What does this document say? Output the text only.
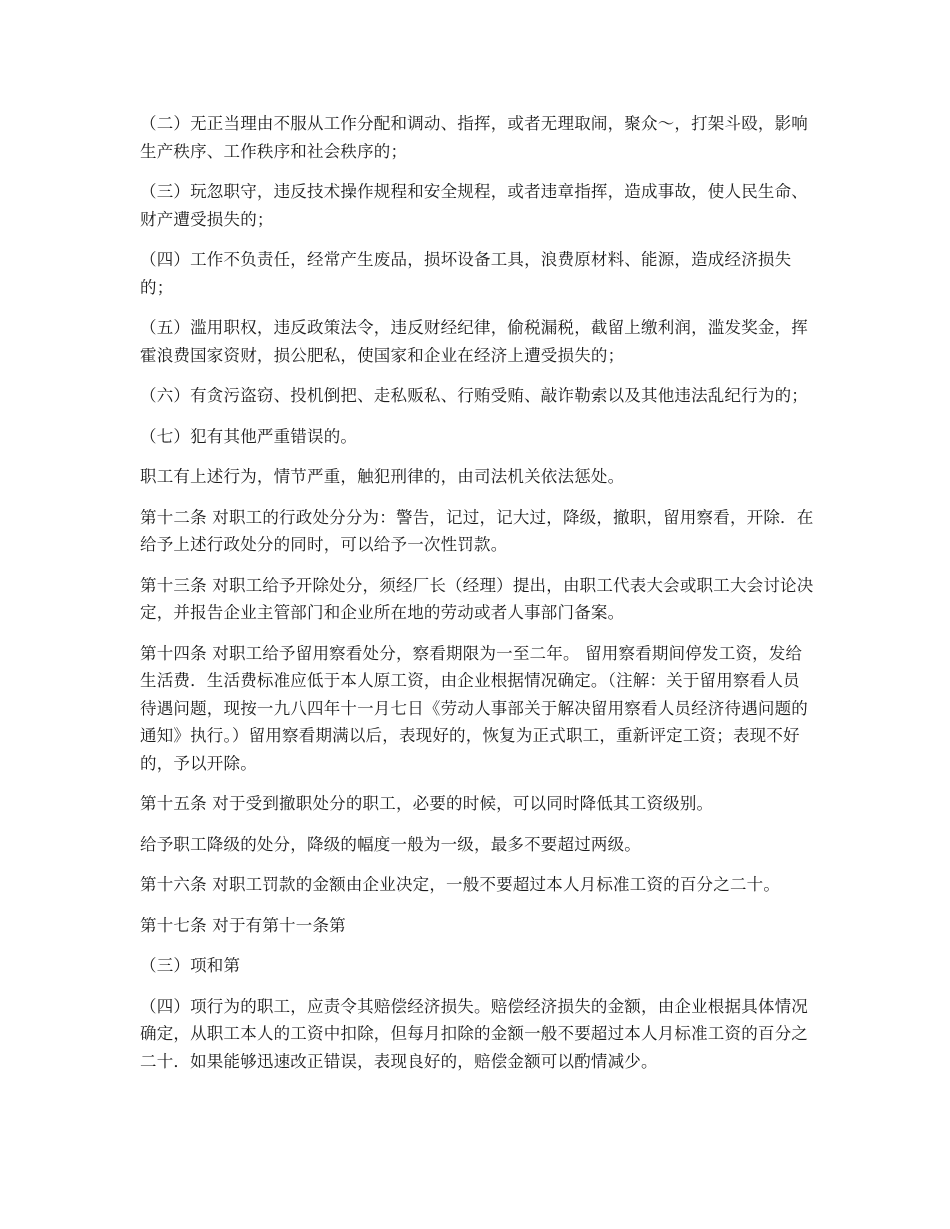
（二）无正当理由不服从工作分配和调动、指挥，或者无理取闹，聚众～，打架斗殴，影响生产秩序、工作秩序和社会秩序的；

（三）玩忽职守，违反技术操作规程和安全规程，或者违章指挥，造成事故，使人民生命、财产遭受损失的；

（四）工作不负责任，经常产生废品，损坏设备工具，浪费原材料、能源，造成经济损失的；

（五）滥用职权，违反政策法令，违反财经纪律，偷税漏税，截留上缴利润，滥发奖金，挥霍浪费国家资财，损公肥私，使国家和企业在经济上遭受损失的；

（六）有贪污盗窃、投机倒把、走私贩私、行贿受贿、敲诈勒索以及其他违法乱纪行为的；

（七）犯有其他严重错误的。

职工有上述行为，情节严重，触犯刑律的，由司法机关依法惩处。

第十二条 对职工的行政处分分为：警告，记过，记大过，降级，撤职，留用察看，开除．在给予上述行政处分的同时，可以给予一次性罚款。

第十三条 对职工给予开除处分，须经厂长（经理）提出，由职工代表大会或职工大会讨论决定，并报告企业主管部门和企业所在地的劳动或者人事部门备案。

第十四条 对职工给予留用察看处分，察看期限为一至二年。 留用察看期间停发工资，发给生活费．生活费标准应低于本人原工资，由企业根据情况确定。（注解：关于留用察看人员待遇问题，现按一九八四年十一月七日《劳动人事部关于解决留用察看人员经济待遇问题的通知》执行。）留用察看期满以后，表现好的，恢复为正式职工，重新评定工资；表现不好的，予以开除。

第十五条 对于受到撤职处分的职工，必要的时候，可以同时降低其工资级别。

给予职工降级的处分，降级的幅度一般为一级，最多不要超过两级。

第十六条 对职工罚款的金额由企业决定，一般不要超过本人月标准工资的百分之二十。

第十七条 对于有第十一条第

（三）项和第

（四）项行为的职工，应责令其赔偿经济损失。赔偿经济损失的金额，由企业根据具体情况确定，从职工本人的工资中扣除，但每月扣除的金额一般不要超过本人月标准工资的百分之二十．如果能够迅速改正错误，表现良好的，赔偿金额可以酌情减少。
